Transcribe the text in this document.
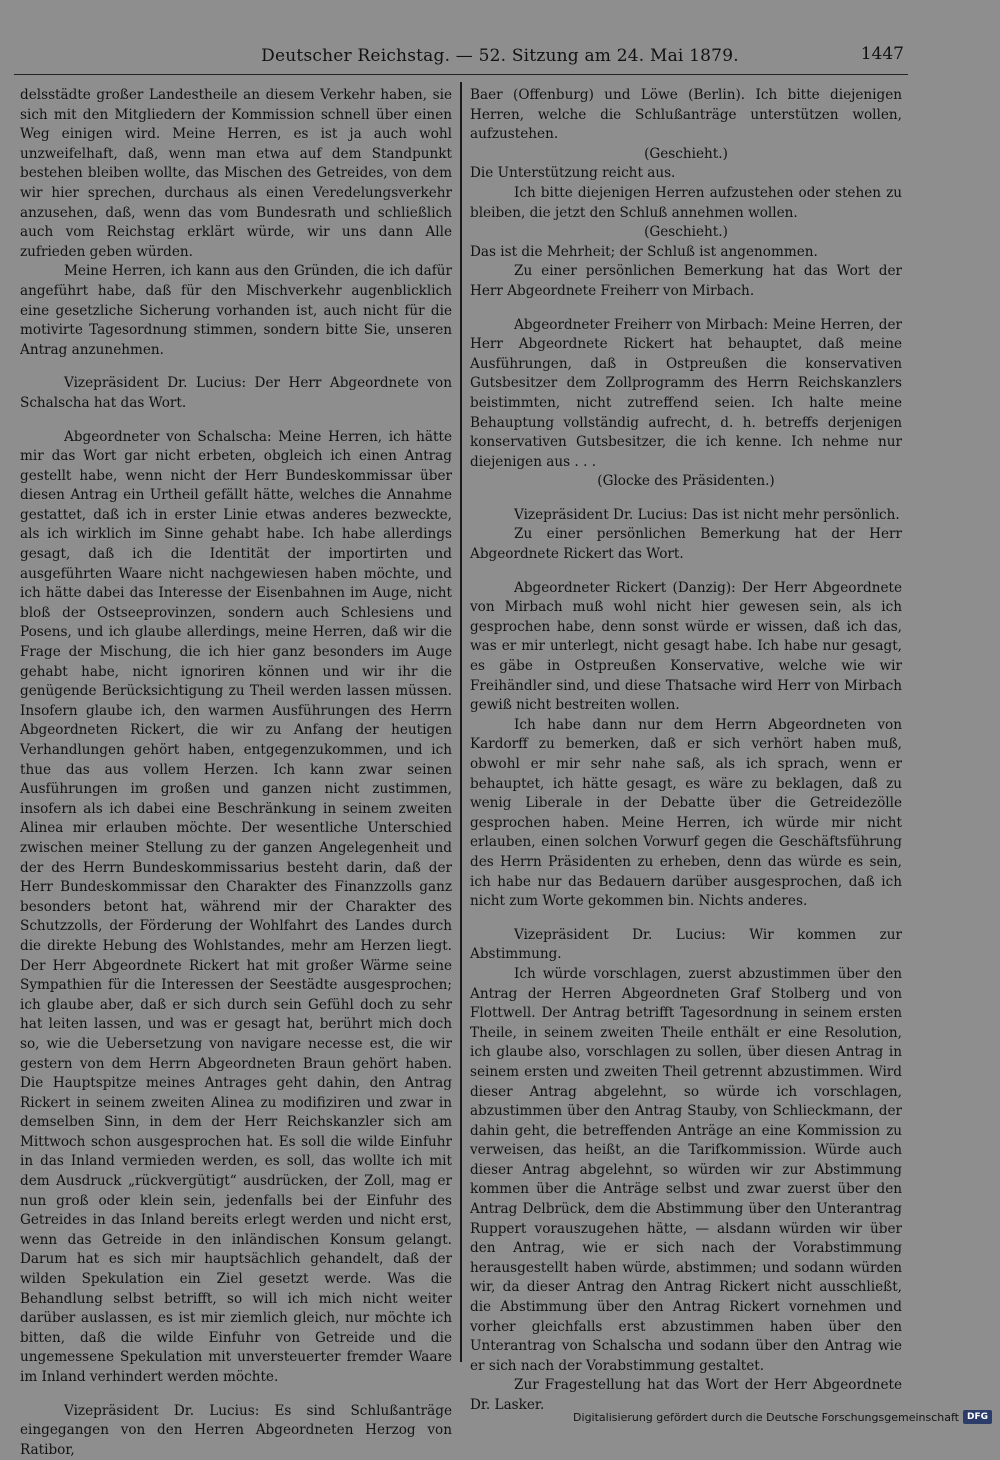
Deutscher Reichstag. — 52. Sitzung am 24. Mai 1879.	1447

delsstädte großer Landestheile an diesem Verkehr haben, sie sich mit den Mitgliedern der Kommission schnell über einen Weg einigen wird. Meine Herren, es ist ja auch wohl unzweifelhaft, daß, wenn man etwa auf dem Standpunkt bestehen bleiben wollte, das Mischen des Getreides, von dem wir hier sprechen, durchaus als einen Veredelungsverkehr anzusehen, daß, wenn das vom Bundesrath und schließlich auch vom Reichstag erklärt würde, wir uns dann Alle zufrieden geben würden.

Meine Herren, ich kann aus den Gründen, die ich dafür angeführt habe, daß für den Mischverkehr augenblicklich eine gesetzliche Sicherung vorhanden ist, auch nicht für die motivirte Tagesordnung stimmen, sondern bitte Sie, unseren Antrag anzunehmen.

Vizepräsident Dr. Lucius: Der Herr Abgeordnete von Schalscha hat das Wort.

Abgeordneter von Schalscha: Meine Herren, ich hätte mir das Wort gar nicht erbeten, obgleich ich einen Antrag gestellt habe, wenn nicht der Herr Bundeskommissar über diesen Antrag ein Urtheil gefällt hätte, welches die Annahme gestattet, daß ich in erster Linie etwas anderes bezweckte, als ich wirklich im Sinne gehabt habe. Ich habe allerdings gesagt, daß ich die Identität der importirten und ausgeführten Waare nicht nachgewiesen haben möchte, und ich hätte dabei das Interesse der Eisenbahnen im Auge, nicht bloß der Ostseeprovinzen, sondern auch Schlesiens und Posens, und ich glaube allerdings, meine Herren, daß wir die Frage der Mischung, die ich hier ganz besonders im Auge gehabt habe, nicht ignoriren können und wir ihr die genügende Berücksichtigung zu Theil werden lassen müssen. Insofern glaube ich, den warmen Ausführungen des Herrn Abgeordneten Rickert, die wir zu Anfang der heutigen Verhandlungen gehört haben, entgegenzukommen, und ich thue das aus vollem Herzen. Ich kann zwar seinen Ausführungen im großen und ganzen nicht zustimmen, insofern als ich dabei eine Beschränkung in seinem zweiten Alinea mir erlauben möchte. Der wesentliche Unterschied zwischen meiner Stellung zu der ganzen Angelegenheit und der des Herrn Bundeskommissarius besteht darin, daß der Herr Bundeskommissar den Charakter des Finanzzolls ganz besonders betont hat, während mir der Charakter des Schutzzolls, der Förderung der Wohlfahrt des Landes durch die direkte Hebung des Wohlstandes, mehr am Herzen liegt. Der Herr Abgeordnete Rickert hat mit großer Wärme seine Sympathien für die Interessen der Seestädte ausgesprochen; ich glaube aber, daß er sich durch sein Gefühl doch zu sehr hat leiten lassen, und was er gesagt hat, berührt mich doch so, wie die Uebersetzung von navigare necesse est, die wir gestern von dem Herrn Abgeordneten Braun gehört haben. Die Hauptspitze meines Antrages geht dahin, den Antrag Rickert in seinem zweiten Alinea zu modifiziren und zwar in demselben Sinn, in dem der Herr Reichskanzler sich am Mittwoch schon ausgesprochen hat. Es soll die wilde Einfuhr in das Inland vermieden werden, es soll, das wollte ich mit dem Ausdruck „rückvergütigt“ ausdrücken, der Zoll, mag er nun groß oder klein sein, jedenfalls bei der Einfuhr des Getreides in das Inland bereits erlegt werden und nicht erst, wenn das Getreide in den inländischen Konsum gelangt. Darum hat es sich mir hauptsächlich gehandelt, daß der wilden Spekulation ein Ziel gesetzt werde. Was die Behandlung selbst betrifft, so will ich mich nicht weiter darüber auslassen, es ist mir ziemlich gleich, nur möchte ich bitten, daß die wilde Einfuhr von Getreide und die ungemessene Spekulation mit unversteuerter fremder Waare im Inland verhindert werden möchte.

Vizepräsident Dr. Lucius: Es sind Schlußanträge eingegangen von den Herren Abgeordneten Herzog von Ratibor,

Baer (Offenburg) und Löwe (Berlin). Ich bitte diejenigen Herren, welche die Schlußanträge unterstützen wollen, aufzustehen.

(Geschieht.)

Die Unterstützung reicht aus.

Ich bitte diejenigen Herren aufzustehen oder stehen zu bleiben, die jetzt den Schluß annehmen wollen.

(Geschieht.)

Das ist die Mehrheit; der Schluß ist angenommen.

Zu einer persönlichen Bemerkung hat das Wort der Herr Abgeordnete Freiherr von Mirbach.

Abgeordneter Freiherr von Mirbach: Meine Herren, der Herr Abgeordnete Rickert hat behauptet, daß meine Ausführungen, daß in Ostpreußen die konservativen Gutsbesitzer dem Zollprogramm des Herrn Reichskanzlers beistimmten, nicht zutreffend seien. Ich halte meine Behauptung vollständig aufrecht, d. h. betreffs derjenigen konservativen Gutsbesitzer, die ich kenne. Ich nehme nur diejenigen aus . . .

(Glocke des Präsidenten.)

Vizepräsident Dr. Lucius: Das ist nicht mehr persönlich.

Zu einer persönlichen Bemerkung hat der Herr Abgeordnete Rickert das Wort.

Abgeordneter Rickert (Danzig): Der Herr Abgeordnete von Mirbach muß wohl nicht hier gewesen sein, als ich gesprochen habe, denn sonst würde er wissen, daß ich das, was er mir unterlegt, nicht gesagt habe. Ich habe nur gesagt, es gäbe in Ostpreußen Konservative, welche wie wir Freihändler sind, und diese Thatsache wird Herr von Mirbach gewiß nicht bestreiten wollen.

Ich habe dann nur dem Herrn Abgeordneten von Kardorff zu bemerken, daß er sich verhört haben muß, obwohl er mir sehr nahe saß, als ich sprach, wenn er behauptet, ich hätte gesagt, es wäre zu beklagen, daß zu wenig Liberale in der Debatte über die Getreidezölle gesprochen haben. Meine Herren, ich würde mir nicht erlauben, einen solchen Vorwurf gegen die Geschäftsführung des Herrn Präsidenten zu erheben, denn das würde es sein, ich habe nur das Bedauern darüber ausgesprochen, daß ich nicht zum Worte gekommen bin. Nichts anderes.

Vizepräsident Dr. Lucius: Wir kommen zur Abstimmung.

Ich würde vorschlagen, zuerst abzustimmen über den Antrag der Herren Abgeordneten Graf Stolberg und von Flottwell. Der Antrag betrifft Tagesordnung in seinem ersten Theile, in seinem zweiten Theile enthält er eine Resolution, ich glaube also, vorschlagen zu sollen, über diesen Antrag in seinem ersten und zweiten Theil getrennt abzustimmen. Wird dieser Antrag abgelehnt, so würde ich vorschlagen, abzustimmen über den Antrag Stauby, von Schlieckmann, der dahin geht, die betreffenden Anträge an eine Kommission zu verweisen, das heißt, an die Tarifkommission. Würde auch dieser Antrag abgelehnt, so würden wir zur Abstimmung kommen über die Anträge selbst und zwar zuerst über den Antrag Delbrück, dem die Abstimmung über den Unterantrag Ruppert vorauszugehen hätte, — alsdann würden wir über den Antrag, wie er sich nach der Vorabstimmung herausgestellt haben würde, abstimmen; und sodann würden wir, da dieser Antrag den Antrag Rickert nicht ausschließt, die Abstimmung über den Antrag Rickert vornehmen und vorher gleichfalls erst abzustimmen haben über den Unterantrag von Schalscha und sodann über den Antrag wie er sich nach der Vorabstimmung gestaltet.

Zur Fragestellung hat das Wort der Herr Abgeordnete Dr. Lasker.

Digitalisierung gefördert durch die Deutsche Forschungsgemeinschaft DFG
